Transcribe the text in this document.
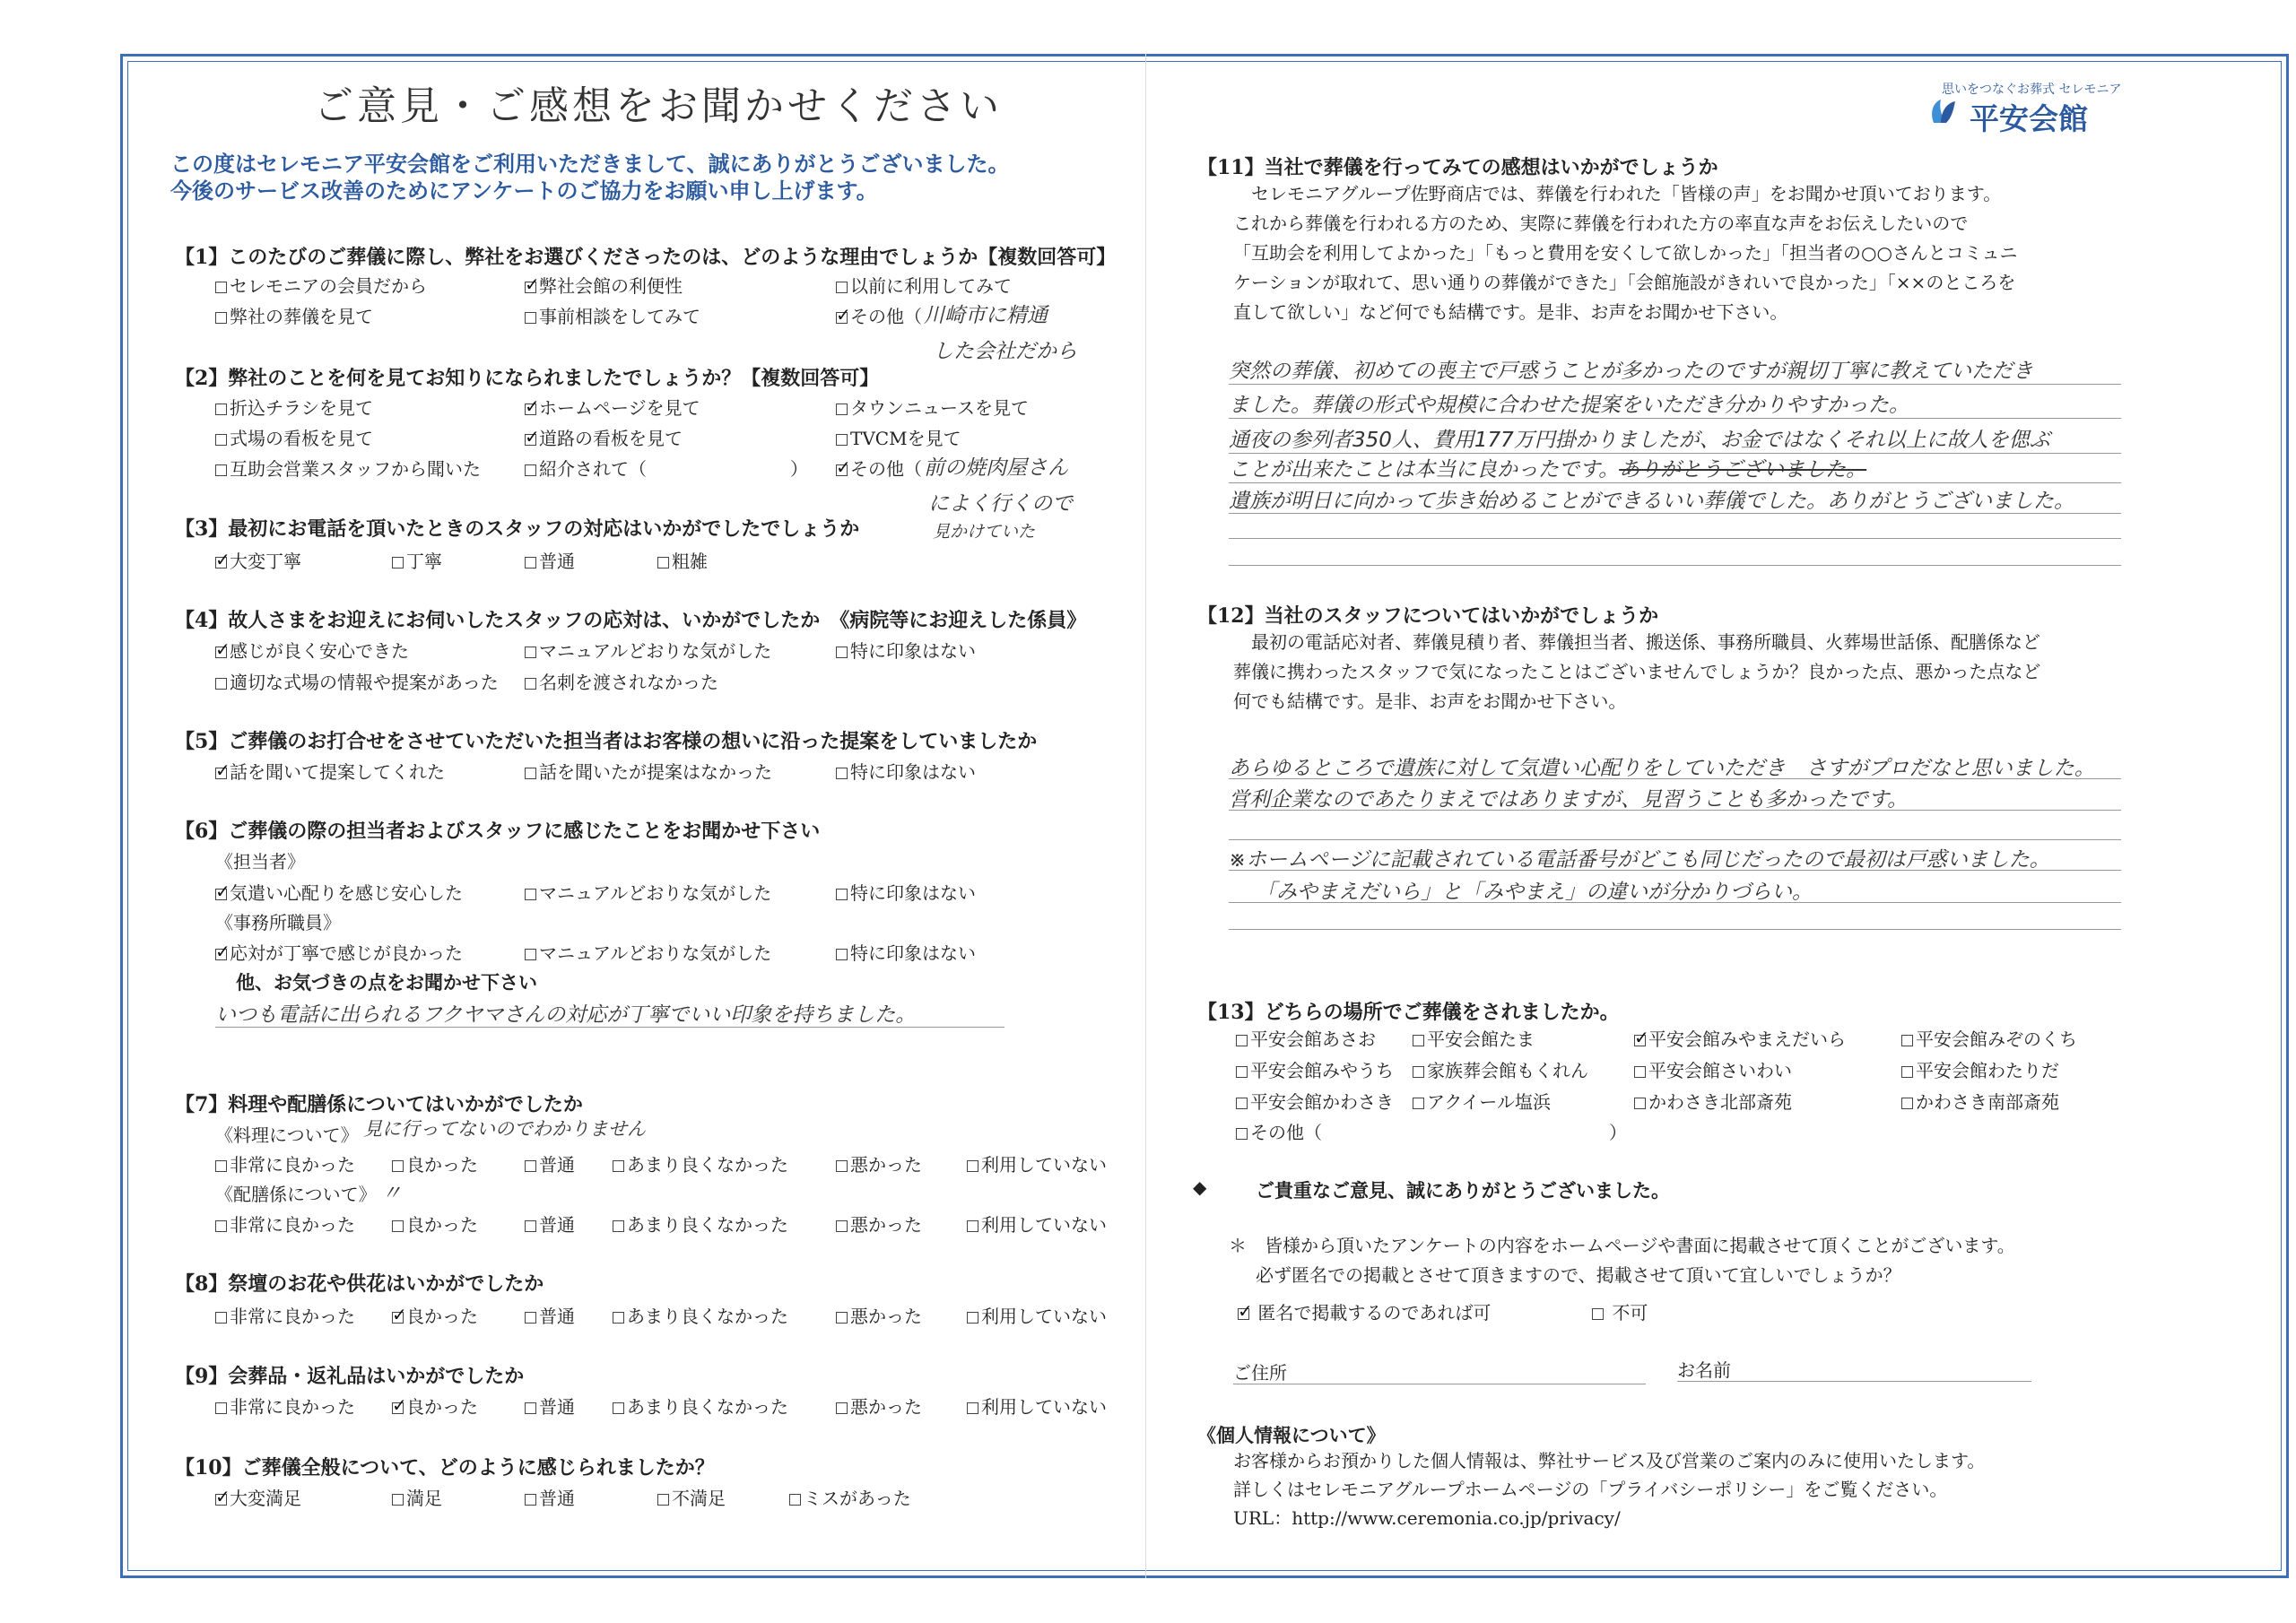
ご意見・ご感想をお聞かせください
この度はセレモニア平安会館をご利用いただきまして、誠にありがとうございました。
今後のサービス改善のためにアンケートのご協力をお願い申し上げます。
思いをつなぐお葬式 セレモニア
平安会館
【1】このたびのご葬儀に際し、弊社をお選びくださったのは、どのような理由でしょうか【複数回答可】
セレモニアの会員だから ✓	弊社会館の利便性	以前に利用してみて
弊社の葬儀を見て	事前相談をしてみて ✓	その他（ 川崎市に精通
した会社だから
【2】弊社のことを何を見てお知りになられましたでしょうか？【複数回答可】
折込チラシを見て ✓	ホームページを見て	タウンニュースを見て
式場の看板を見て ✓	道路の看板を見て	TVCMを見て
互助会営業スタッフから聞いた	紹介されて（　　　　　　　　） ✓	その他（ 前の焼肉屋さん
によく行くので
見かけていた
【3】最初にお電話を頂いたときのスタッフの対応はいかがでしたでしょうか
✓大変丁寧	丁寧	普通	粗雑
【4】故人さまをお迎えにお伺いしたスタッフの応対は、いかがでしたか　《病院等にお迎えした係員》
✓感じが良く安心できた	マニュアルどおりな気がした	特に印象はない
適切な式場の情報や提案があった	名刺を渡されなかった
【5】ご葬儀のお打合せをさせていただいた担当者はお客様の想いに沿った提案をしていましたか
✓話を聞いて提案してくれた	話を聞いたが提案はなかった	特に印象はない
【6】ご葬儀の際の担当者およびスタッフに感じたことをお聞かせ下さい
《担当者》
✓気遣い心配りを感じ安心した	マニュアルどおりな気がした	特に印象はない
《事務所職員》
✓応対が丁寧で感じが良かった	マニュアルどおりな気がした	特に印象はない
他、お気づきの点をお聞かせ下さい
いつも電話に出られるフクヤマさんの対応が丁寧でいい印象を持ちました。
【7】料理や配膳係についてはいかがでしたか
《料理について》 見に行ってないのでわかりません
非常に良かった	良かった	普通	あまり良くなかった	悪かった	利用していない
《配膳係について》 〃
非常に良かった	良かった	普通	あまり良くなかった	悪かった	利用していない
【8】祭壇のお花や供花はいかがでしたか
非常に良かった ✓	良かった	普通	あまり良くなかった	悪かった	利用していない
【9】会葬品・返礼品はいかがでしたか
非常に良かった ✓	良かった	普通	あまり良くなかった	悪かった	利用していない
【10】ご葬儀全般について、どのように感じられましたか？
✓大変満足	満足	普通	不満足	ミスがあった
【11】当社で葬儀を行ってみての感想はいかがでしょうか
セレモニアグループ佐野商店では、葬儀を行われた「皆様の声」をお聞かせ頂いております。
これから葬儀を行われる方のため、実際に葬儀を行われた方の率直な声をお伝えしたいので
「互助会を利用してよかった」「もっと費用を安くして欲しかった」「担当者の○○さんとコミュニ
ケーションが取れて、思い通りの葬儀ができた」「会館施設がきれいで良かった」「××のところを
直して欲しい」など何でも結構です。是非、お声をお聞かせ下さい。
突然の葬儀、初めての喪主で戸惑うことが多かったのですが親切丁寧に教えていただき
ました。葬儀の形式や規模に合わせた提案をいただき分かりやすかった。
通夜の参列者350人、費用177万円掛かりましたが、お金ではなくそれ以上に故人を偲ぶ
ことが出来たことは本当に良かったです。ありがとうございました。
遺族が明日に向かって歩き始めることができるいい葬儀でした。ありがとうございました。
【12】当社のスタッフについてはいかがでしょうか
最初の電話応対者、葬儀見積り者、葬儀担当者、搬送係、事務所職員、火葬場世話係、配膳係など
葬儀に携わったスタッフで気になったことはございませんでしょうか？良かった点、悪かった点など
何でも結構です。是非、お声をお聞かせ下さい。
あらゆるところで遺族に対して気遣い心配りをしていただき　さすがプロだなと思いました。
営利企業なのであたりまえではありますが、見習うことも多かったです。
※ホームページに記載されている電話番号がどこも同じだったので最初は戸惑いました。
「みやまえだいら」と「みやまえ」の違いが分かりづらい。
【13】どちらの場所でご葬儀をされましたか。
平安会館あさお	平安会館たま ✓	平安会館みやまえだいら	平安会館みぞのくち
平安会館みやうち	家族葬会館もくれん	平安会館さいわい	平安会館わたりだ
平安会館かわさき	アクイール塩浜	かわさき北部斎苑	かわさき南部斎苑
その他（　　　　　　　　　　　　　　　　）
◆	ご貴重なご意見、誠にありがとうございました。
＊　皆様から頂いたアンケートの内容をホームページや書面に掲載させて頂くことがございます。
必ず匿名での掲載とさせて頂きますので、掲載させて頂いて宜しいでしょうか？
✓ 匿名で掲載するのであれば可	不可
ご住所	お名前
《個人情報について》
お客様からお預かりした個人情報は、弊社サービス及び営業のご案内のみに使用いたします。
詳しくはセレモニアグループホームページの「プライバシーポリシー」をご覧ください。
URL：http://www.ceremonia.co.jp/privacy/
